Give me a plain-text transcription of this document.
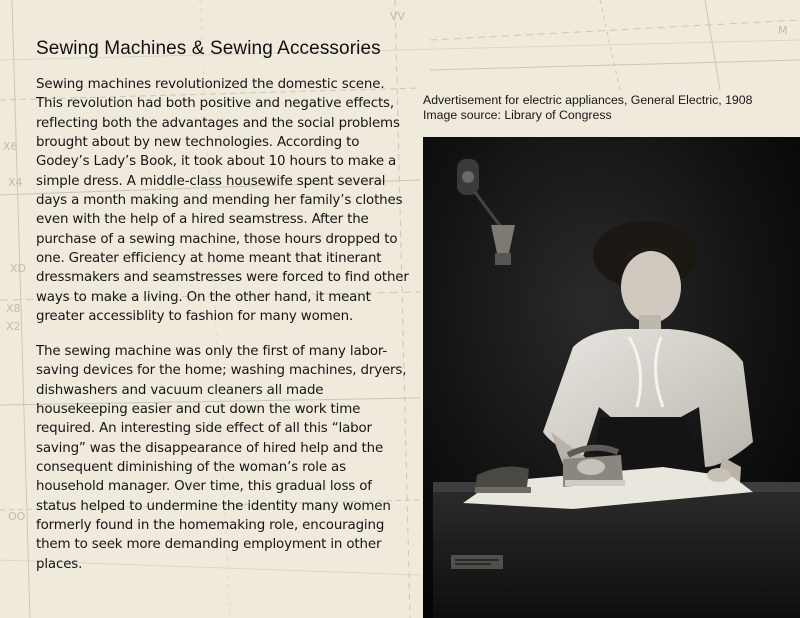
M
X6
X4
XD
X8
X2
VV
OO
Sewing Machines & Sewing Accessories

Sewing machines revolutionized the domestic scene. This revolution had both positive and negative effects, reflecting both the advantages and the social problems brought about by new technologies. According to Godey’s Lady’s Book, it took about 10 hours to make a simple dress. A middle-class housewife spent several days a month making and mending her family’s clothes even with the help of a hired seamstress. After the purchase of a sewing machine, those hours dropped to one. Greater efficiency at home meant that itinerant dressmakers and seamstresses were forced to find other ways to make a living. On the other hand, it meant greater accessiblity to fashion for many women.

The sewing machine was only the first of many labor-saving devices for the home; washing machines, dryers, dishwashers and vacuum cleaners all made housekeeping easier and cut down the work time required. An interesting side effect of all this “labor saving” was the disappearance of hired help and the consequent diminishing of the woman’s role as household manager. Over time, this gradual loss of status helped to undermine the identity many women formerly found in the homemaking role, encouraging them to seek more demanding employment in other places.

Advertisement for electric appliances, General Electric, 1908
Image source: Library of Congress
